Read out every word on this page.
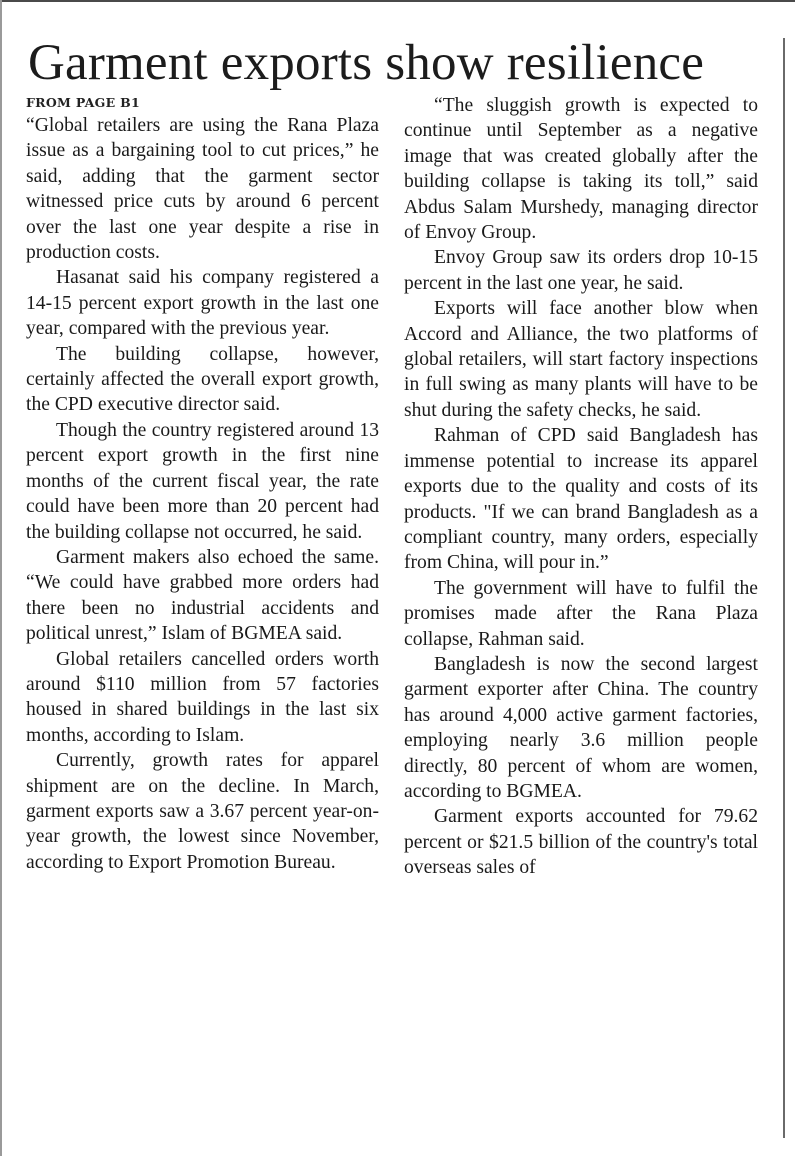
Garment exports show resilience
FROM PAGE B1

“Global retailers are using the Rana Plaza issue as a bargaining tool to cut prices,” he said, adding that the garment sector witnessed price cuts by around 6 percent over the last one year despite a rise in production costs.

Hasanat said his company registered a 14-15 percent export growth in the last one year, compared with the previous year.

The building collapse, however, certainly affected the overall export growth, the CPD executive director said.

Though the country registered around 13 percent export growth in the first nine months of the current fiscal year, the rate could have been more than 20 percent had the building collapse not occurred, he said.

Garment makers also echoed the same. “We could have grabbed more orders had there been no industrial accidents and political unrest,” Islam of BGMEA said.

Global retailers cancelled orders worth around $110 million from 57 factories housed in shared buildings in the last six months, according to Islam.

Currently, growth rates for apparel shipment are on the decline. In March, garment exports saw a 3.67 percent year-on-year growth, the lowest since November, according to Export Promotion Bureau.

“The sluggish growth is expected to continue until September as a negative image that was created globally after the building collapse is taking its toll,” said Abdus Salam Murshedy, managing director of Envoy Group.

Envoy Group saw its orders drop 10-15 percent in the last one year, he said.

Exports will face another blow when Accord and Alliance, the two platforms of global retailers, will start factory inspections in full swing as many plants will have to be shut during the safety checks, he said.

Rahman of CPD said Bangladesh has immense potential to increase its apparel exports due to the quality and costs of its products. "If we can brand Bangladesh as a compliant country, many orders, especially from China, will pour in.”

The government will have to fulfil the promises made after the Rana Plaza collapse, Rahman said.

Bangladesh is now the second largest garment exporter after China. The country has around 4,000 active garment factories, employing nearly 3.6 million people directly, 80 percent of whom are women, according to BGMEA.

Garment exports accounted for 79.62 percent or $21.5 billion of the country's total overseas sales of
